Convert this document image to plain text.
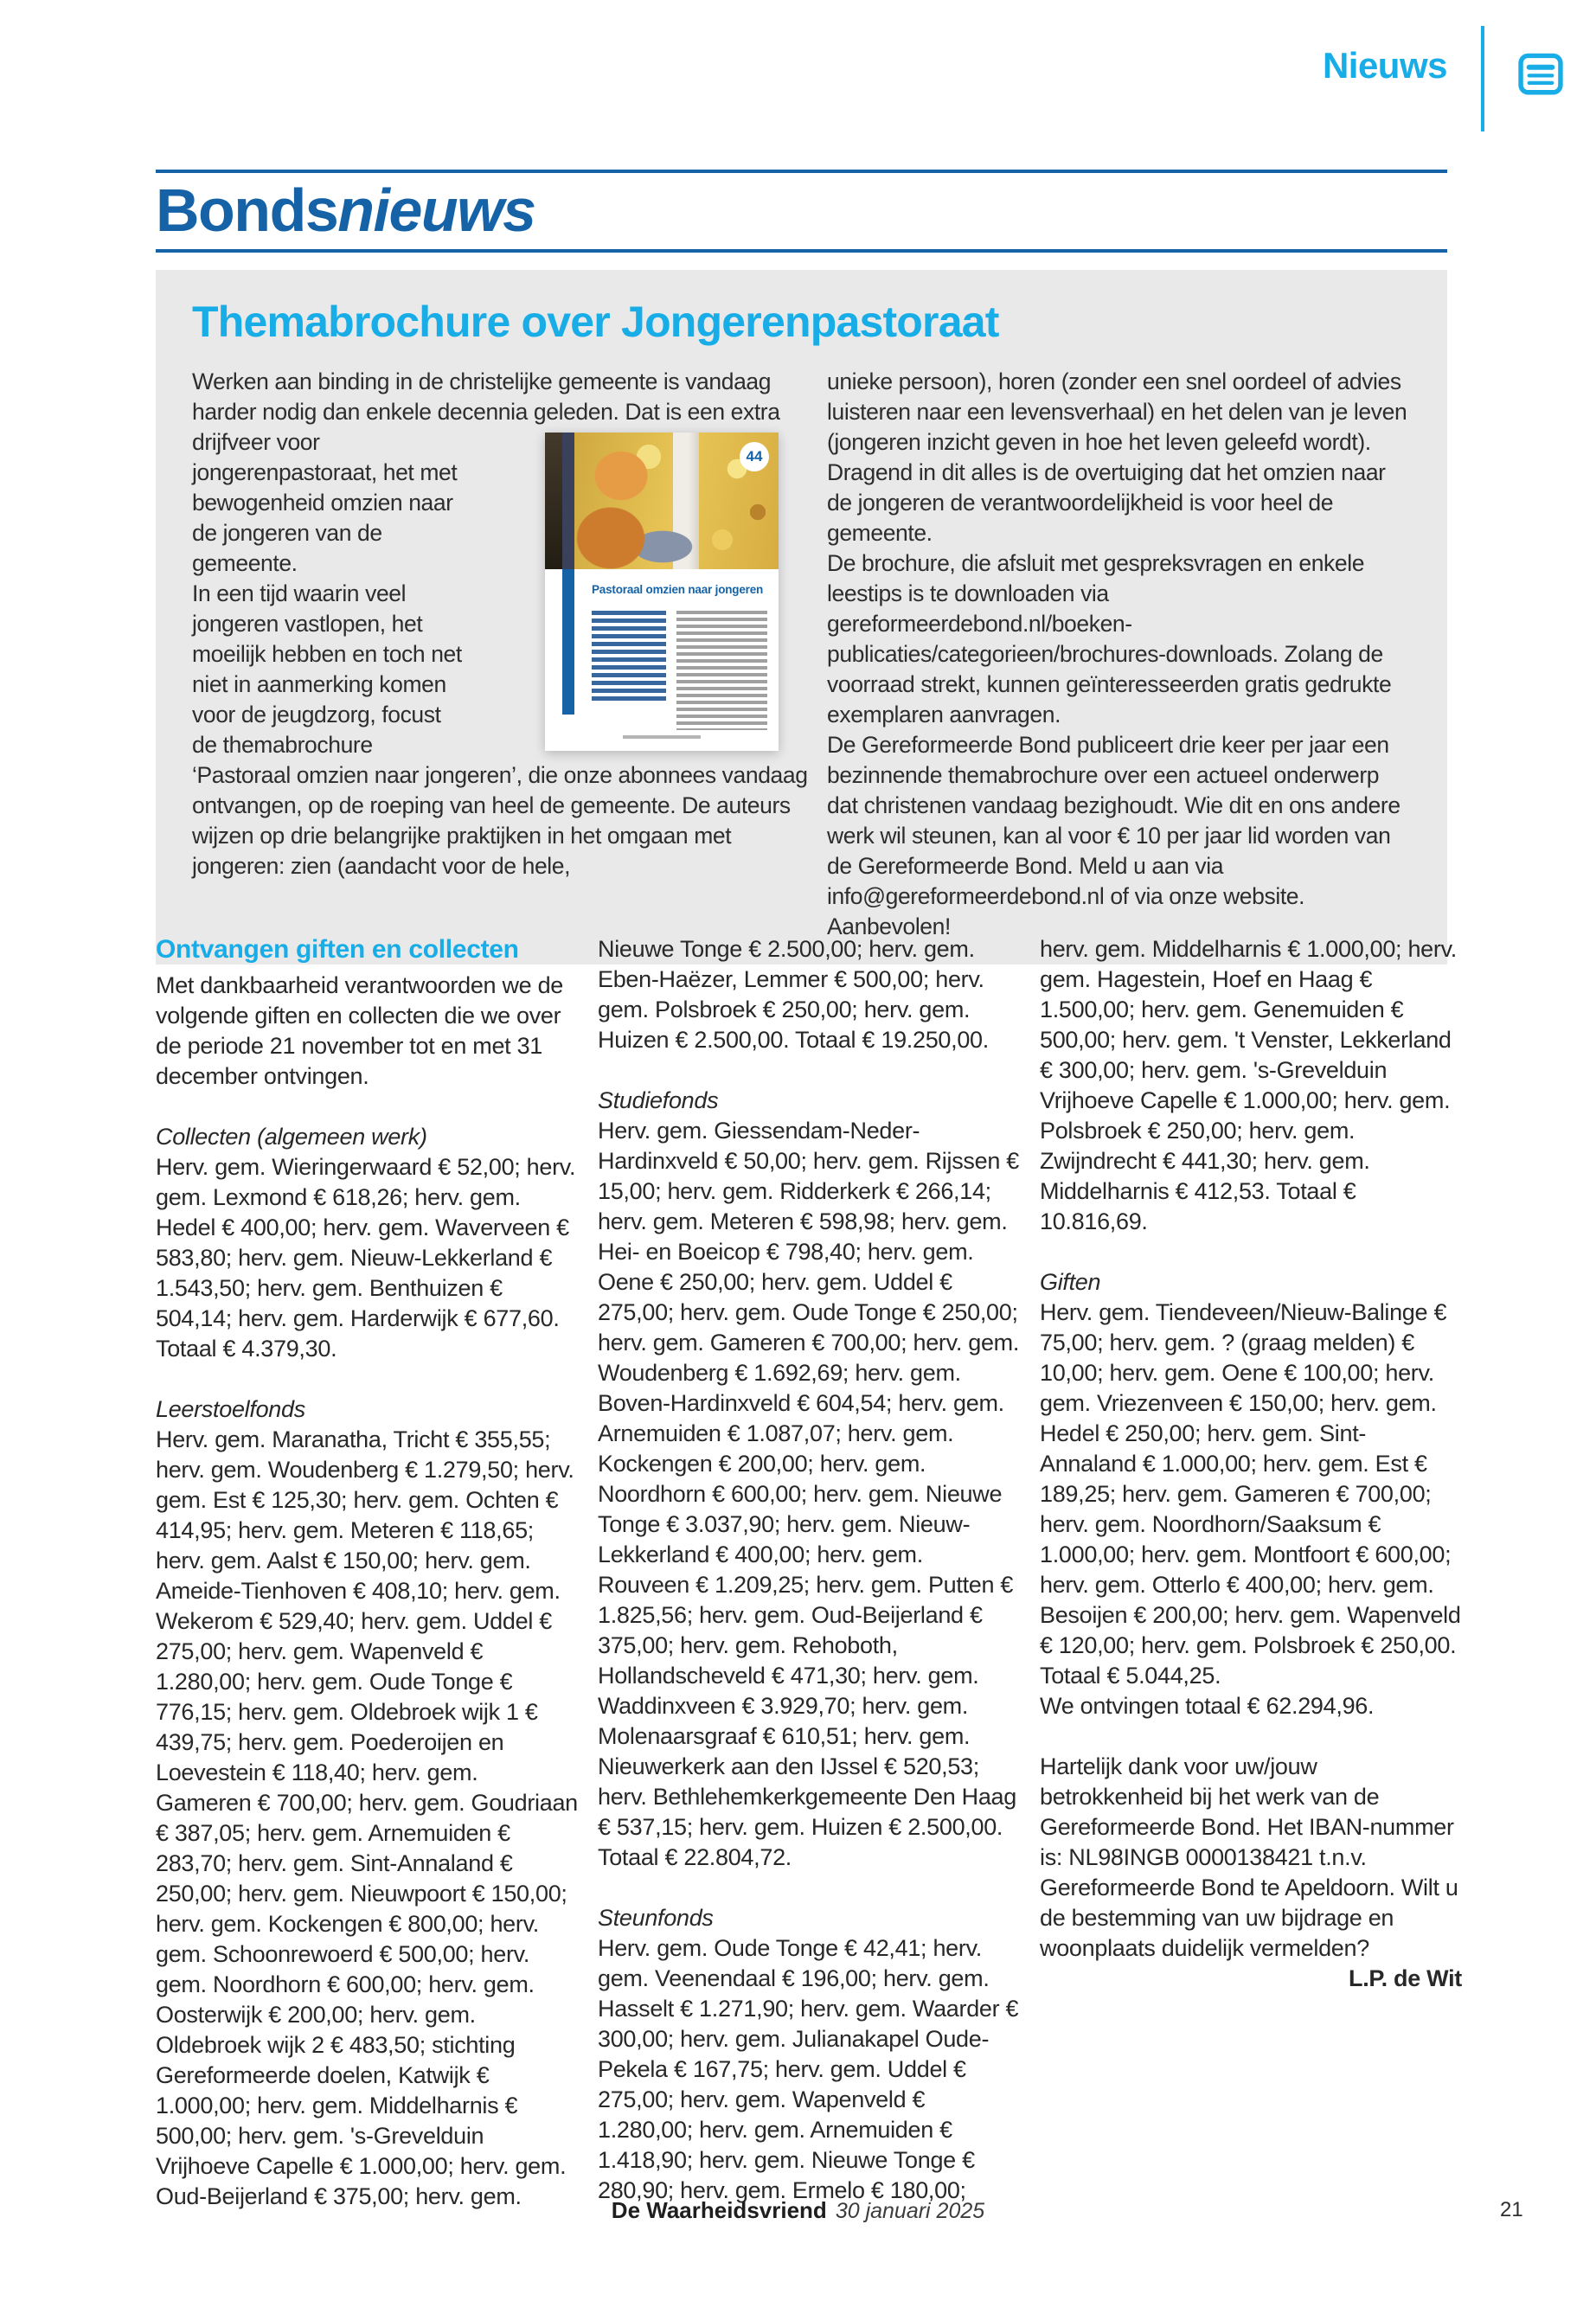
Nieuws
Bondsnieuws
Themabrochure over Jongerenpastoraat

Werken aan binding in de christelijke gemeente is vandaag harder nodig dan enkele decennia geleden. Dat is een extra
44
Pastoraal omzien naar jongeren
drijfveer voor jongerenpastoraat, het met bewogenheid omzien naar de jongeren van de gemeente.

In een tijd waarin veel jongeren vastlopen, het moeilijk hebben en toch net niet in aanmerking komen voor de jeugdzorg, focust de themabrochure ‘Pastoraal omzien naar jongeren’, die onze abonnees vandaag ontvangen, op de roeping van heel de gemeente. De auteurs wijzen op drie belangrijke praktijken in het omgaan met jongeren: zien (aandacht voor de hele,

unieke persoon), horen (zonder een snel oordeel of advies luisteren naar een levensverhaal) en het delen van je leven (jongeren inzicht geven in hoe het leven geleefd wordt). Dragend in dit alles is de overtuiging dat het omzien naar de jongeren de verantwoordelijkheid is voor heel de gemeente.

De brochure, die afsluit met gespreksvragen en enkele leestips is te downloaden via gereformeerdebond.nl/boeken-publicaties/categorieen/brochures-downloads. Zolang de voorraad strekt, kunnen geïnteresseerden gratis gedrukte exemplaren aanvragen.

De Gereformeerde Bond publiceert drie keer per jaar een bezinnende themabrochure over een actueel onderwerp dat christenen vandaag bezighoudt. Wie dit en ons andere werk wil steunen, kan al voor € 10 per jaar lid worden van de Gereformeerde Bond. Meld u aan via info@gereformeerdebond.nl of via onze website. Aanbevolen!

Ontvangen giften en collecten

Met dankbaarheid verantwoorden we de volgende giften en collecten die we over de periode 21 november tot en met 31 december ontvingen.

Collecten (algemeen werk)

Herv. gem. Wieringerwaard € 52,00; herv. gem. Lexmond € 618,26; herv. gem. Hedel € 400,00; herv. gem. Waverveen € 583,80; herv. gem. Nieuw-Lekkerland € 1.543,50; herv. gem. Benthuizen € 504,14; herv. gem. Harderwijk € 677,60. Totaal € 4.379,30.

Leerstoelfonds

Herv. gem. Maranatha, Tricht € 355,55; herv. gem. Woudenberg € 1.279,50; herv. gem. Est € 125,30; herv. gem. Ochten € 414,95; herv. gem. Meteren € 118,65; herv. gem. Aalst € 150,00; herv. gem. Ameide-Tienhoven € 408,10; herv. gem. Wekerom € 529,40; herv. gem. Uddel € 275,00; herv. gem. Wapenveld € 1.280,00; herv. gem. Oude Tonge € 776,15; herv. gem. Oldebroek wijk 1 € 439,75; herv. gem. Poederoijen en Loevestein € 118,40; herv. gem. Gameren € 700,00; herv. gem. Goudriaan € 387,05; herv. gem. Arnemuiden € 283,70; herv. gem. Sint-Annaland € 250,00; herv. gem. Nieuwpoort € 150,00; herv. gem. Kockengen € 800,00; herv. gem. Schoonrewoerd € 500,00; herv. gem. Noordhorn € 600,00; herv. gem. Oosterwijk € 200,00; herv. gem. Oldebroek wijk 2 € 483,50; stichting Gereformeerde doelen, Katwijk € 1.000,00; herv. gem. Middelharnis € 500,00; herv. gem. 's-Grevelduin Vrijhoeve Capelle € 1.000,00; herv. gem. Oud-Beijerland € 375,00; herv. gem. Nieuwe Tonge € 2.500,00; herv. gem. Eben-Haëzer, Lemmer € 500,00; herv. gem. Polsbroek € 250,00; herv. gem. Huizen € 2.500,00. Totaal € 19.250,00.

Studiefonds

Herv. gem. Giessendam-Neder-Hardinxveld € 50,00; herv. gem. Rijssen € 15,00; herv. gem. Ridderkerk € 266,14; herv. gem. Meteren € 598,98; herv. gem. Hei- en Boeicop € 798,40; herv. gem. Oene € 250,00; herv. gem. Uddel € 275,00; herv. gem. Oude Tonge € 250,00; herv. gem. Gameren € 700,00; herv. gem. Woudenberg € 1.692,69; herv. gem. Boven-Hardinxveld € 604,54; herv. gem. Arnemuiden € 1.087,07; herv. gem. Kockengen € 200,00; herv. gem. Noordhorn € 600,00; herv. gem. Nieuwe Tonge € 3.037,90; herv. gem. Nieuw-Lekkerland € 400,00; herv. gem. Rouveen € 1.209,25; herv. gem. Putten € 1.825,56; herv. gem. Oud-Beijerland € 375,00; herv. gem. Rehoboth, Hollandscheveld € 471,30; herv. gem. Waddinxveen € 3.929,70; herv. gem. Molenaarsgraaf € 610,51; herv. gem. Nieuwerkerk aan den IJssel € 520,53; herv. Bethlehemkerkgemeente Den Haag € 537,15; herv. gem. Huizen € 2.500,00. Totaal € 22.804,72.

Steunfonds

Herv. gem. Oude Tonge € 42,41; herv. gem. Veenendaal € 196,00; herv. gem. Hasselt € 1.271,90; herv. gem. Waarder € 300,00; herv. gem. Julianakapel Oude-Pekela € 167,75; herv. gem. Uddel € 275,00; herv. gem. Wapenveld € 1.280,00; herv. gem. Arnemuiden € 1.418,90; herv. gem. Nieuwe Tonge € 280,90; herv. gem. Ermelo € 180,00; herv. gem. Middelharnis € 1.000,00; herv. gem. Hagestein, Hoef en Haag € 1.500,00; herv. gem. Genemuiden € 500,00; herv. gem. 't Venster, Lekkerland € 300,00; herv. gem. 's-Grevelduin Vrijhoeve Capelle € 1.000,00; herv. gem. Polsbroek € 250,00; herv. gem. Zwijndrecht € 441,30; herv. gem. Middelharnis € 412,53. Totaal € 10.816,69.

Giften

Herv. gem. Tiendeveen/Nieuw-Balinge € 75,00; herv. gem. ? (graag melden) € 10,00; herv. gem. Oene € 100,00; herv. gem. Vriezenveen € 150,00; herv. gem. Hedel € 250,00; herv. gem. Sint-Annaland € 1.000,00; herv. gem. Est € 189,25; herv. gem. Gameren € 700,00; herv. gem. Noordhorn/Saaksum € 1.000,00; herv. gem. Montfoort € 600,00; herv. gem. Otterlo € 400,00; herv. gem. Besoijen € 200,00; herv. gem. Wapenveld € 120,00; herv. gem. Polsbroek € 250,00. Totaal € 5.044,25.

We ontvingen totaal € 62.294,96.

Hartelijk dank voor uw/jouw betrokkenheid bij het werk van de Gereformeerde Bond. Het IBAN-nummer is: NL98INGB 0000138421 t.n.v. Gereformeerde Bond te Apeldoorn. Wilt u de bestemming van uw bijdrage en woonplaats duidelijk vermelden?

L.P. de Wit
De Waarheidsvriend 30 januari 2025	21
